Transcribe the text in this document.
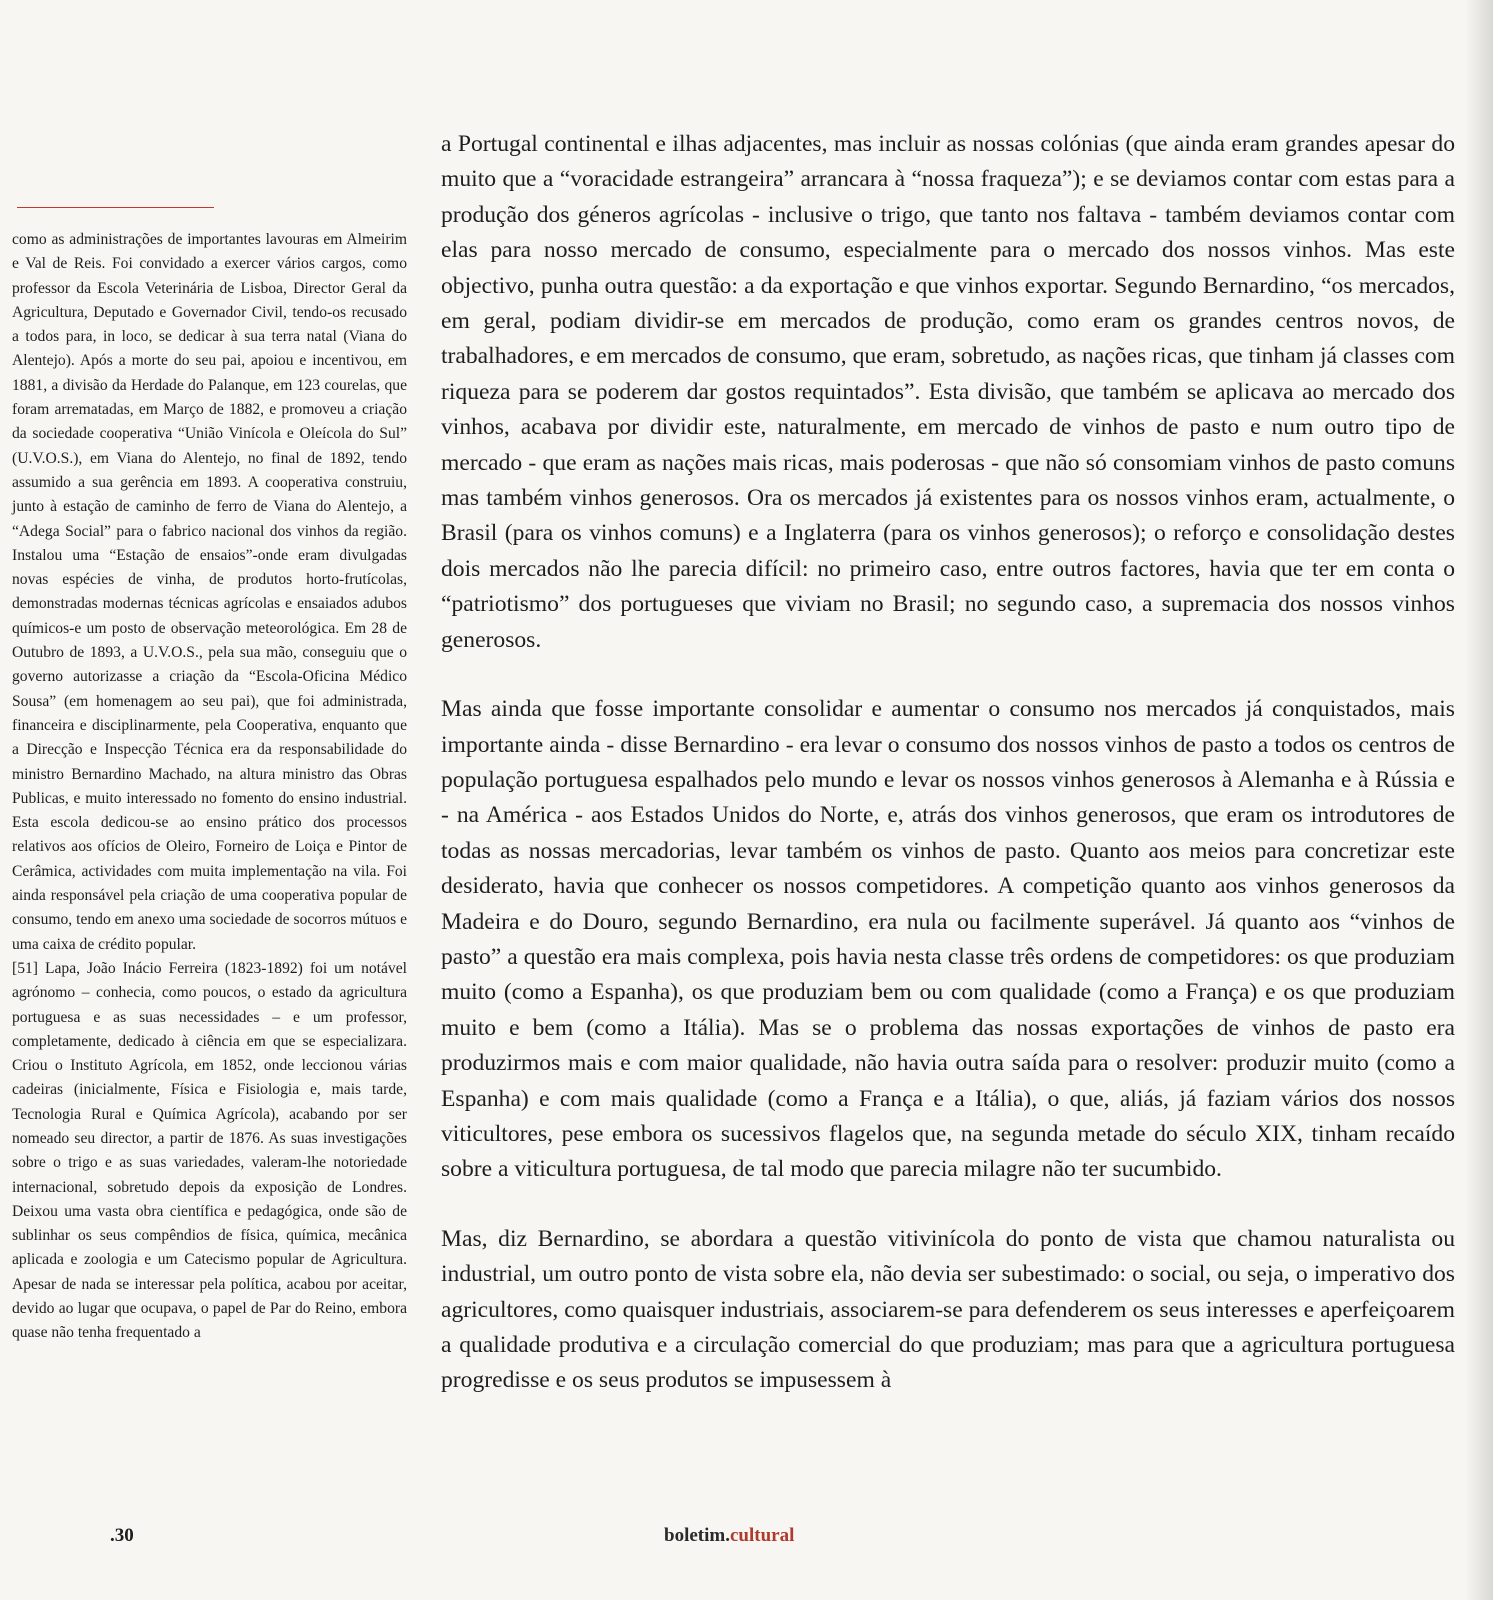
como as administrações de importantes lavouras em Almeirim e Val de Reis. Foi convidado a exercer vários cargos, como professor da Escola Veterinária de Lisboa, Director Geral da Agricultura, Deputado e Governador Civil, tendo-os recusado a todos para, in loco, se dedicar à sua terra natal (Viana do Alentejo). Após a morte do seu pai, apoiou e incentivou, em 1881, a divisão da Herdade do Palanque, em 123 courelas, que foram arrematadas, em Março de 1882, e promoveu a criação da sociedade cooperativa “União Vinícola e Oleícola do Sul” (U.V.O.S.), em Viana do Alentejo, no final de 1892, tendo assumido a sua gerência em 1893. A cooperativa construiu, junto à estação de caminho de ferro de Viana do Alentejo, a “Adega Social” para o fabrico nacional dos vinhos da região. Instalou uma “Estação de ensaios”-onde eram divulgadas novas espécies de vinha, de produtos horto-frutícolas, demonstradas modernas técnicas agrícolas e ensaiados adubos químicos-e um posto de observação meteorológica. Em 28 de Outubro de 1893, a U.V.O.S., pela sua mão, conseguiu que o governo autorizasse a criação da “Escola-Oficina Médico Sousa” (em homenagem ao seu pai), que foi administrada, financeira e disciplinarmente, pela Cooperativa, enquanto que a Direcção e Inspecção Técnica era da responsabilidade do ministro Bernardino Machado, na altura ministro das Obras Publicas, e muito interessado no fomento do ensino industrial. Esta escola dedicou-se ao ensino prático dos processos relativos aos ofícios de Oleiro, Forneiro de Loiça e Pintor de Cerâmica, actividades com muita implementação na vila. Foi ainda responsável pela criação de uma cooperativa popular de consumo, tendo em anexo uma sociedade de socorros mútuos e uma caixa de crédito popular.

[51] Lapa, João Inácio Ferreira (1823-1892) foi um notável agrónomo – conhecia, como poucos, o estado da agricultura portuguesa e as suas necessidades – e um professor, completamente, dedicado à ciência em que se especializara. Criou o Instituto Agrícola, em 1852, onde leccionou várias cadeiras (inicialmente, Física e Fisiologia e, mais tarde, Tecnologia Rural e Química Agrícola), acabando por ser nomeado seu director, a partir de 1876. As suas investigações sobre o trigo e as suas variedades, valeram-lhe notoriedade internacional, sobretudo depois da exposição de Londres. Deixou uma vasta obra científica e pedagógica, onde são de sublinhar os seus compêndios de física, química, mecânica aplicada e zoologia e um Catecismo popular de Agricultura. Apesar de nada se interessar pela política, acabou por aceitar, devido ao lugar que ocupava, o papel de Par do Reino, embora quase não tenha frequentado a

a Portugal continental e ilhas adjacentes, mas incluir as nossas colónias (que ainda eram grandes apesar do muito que a “voracidade estrangeira” arrancara à “nossa fraqueza”); e se deviamos contar com estas para a produção dos géneros agrícolas - inclusive o trigo, que tanto nos faltava - também deviamos contar com elas para nosso mercado de consumo, especialmente para o mercado dos nossos vinhos. Mas este objectivo, punha outra questão: a da exportação e que vinhos exportar. Segundo Bernardino, “os mercados, em geral, podiam dividir-se em mercados de produção, como eram os grandes centros novos, de trabalhadores, e em mercados de consumo, que eram, sobretudo, as nações ricas, que tinham já classes com riqueza para se poderem dar gostos requintados”. Esta divisão, que também se aplicava ao mercado dos vinhos, acabava por dividir este, naturalmente, em mercado de vinhos de pasto e num outro tipo de mercado - que eram as nações mais ricas, mais poderosas - que não só consomiam vinhos de pasto comuns mas também vinhos generosos. Ora os mercados já existentes para os nossos vinhos eram, actualmente, o Brasil (para os vinhos comuns) e a Inglaterra (para os vinhos generosos); o reforço e consolidação destes dois mercados não lhe parecia difícil: no primeiro caso, entre outros factores, havia que ter em conta o “patriotismo” dos portugueses que viviam no Brasil; no segundo caso, a supremacia dos nossos vinhos generosos.

Mas ainda que fosse importante consolidar e aumentar o consumo nos mercados já conquistados, mais importante ainda - disse Bernardino - era levar o consumo dos nossos vinhos de pasto a todos os centros de população portuguesa espalhados pelo mundo e levar os nossos vinhos generosos à Alemanha e à Rússia e - na América - aos Estados Unidos do Norte, e, atrás dos vinhos generosos, que eram os introdutores de todas as nossas mercadorias, levar também os vinhos de pasto. Quanto aos meios para concretizar este desiderato, havia que conhecer os nossos competidores. A competição quanto aos vinhos generosos da Madeira e do Douro, segundo Bernardino, era nula ou facilmente superável. Já quanto aos “vinhos de pasto” a questão era mais complexa, pois havia nesta classe três ordens de competidores: os que produziam muito (como a Espanha), os que produziam bem ou com qualidade (como a França) e os que produziam muito e bem (como a Itália). Mas se o problema das nossas exportações de vinhos de pasto era produzirmos mais e com maior qualidade, não havia outra saída para o resolver: produzir muito (como a Espanha) e com mais qualidade (como a França e a Itália), o que, aliás, já faziam vários dos nossos viticultores, pese embora os sucessivos flagelos que, na segunda metade do século XIX, tinham recaído sobre a viticultura portuguesa, de tal modo que parecia milagre não ter sucumbido.

Mas, diz Bernardino, se abordara a questão vitivinícola do ponto de vista que chamou naturalista ou industrial, um outro ponto de vista sobre ela, não devia ser subestimado: o social, ou seja, o imperativo dos agricultores, como quaisquer industriais, associarem-se para defenderem os seus interesses e aperfeiçoarem a qualidade produtiva e a circulação comercial do que produziam; mas para que a agricultura portuguesa progredisse e os seus produtos se impusessem à

.30	boletim.cultural
